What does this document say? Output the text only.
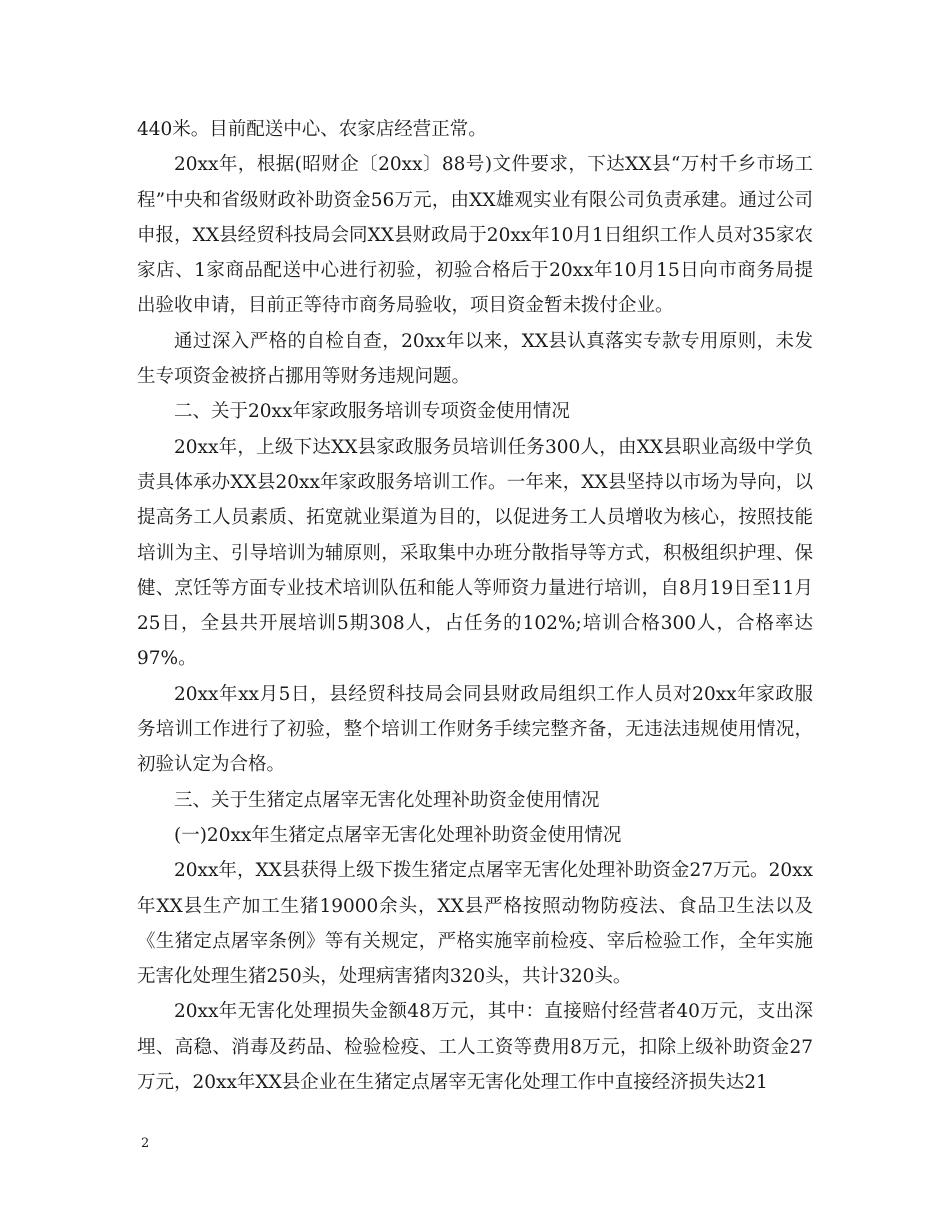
440米。目前配送中心、农家店经营正常。

20xx年，根据(昭财企〔20xx〕88号)文件要求，下达XX县“万村千乡市场工程”中央和省级财政补助资金56万元，由XX雄观实业有限公司负责承建。通过公司申报，XX县经贸科技局会同XX县财政局于20xx年10月1日组织工作人员对35家农家店、1家商品配送中心进行初验，初验合格后于20xx年10月15日向市商务局提出验收申请，目前正等待市商务局验收，项目资金暂未拨付企业。

通过深入严格的自检自查，20xx年以来，XX县认真落实专款专用原则，未发生专项资金被挤占挪用等财务违规问题。

二、关于20xx年家政服务培训专项资金使用情况

20xx年，上级下达XX县家政服务员培训任务300人，由XX县职业高级中学负责具体承办XX县20xx年家政服务培训工作。一年来，XX县坚持以市场为导向，以提高务工人员素质、拓宽就业渠道为目的，以促进务工人员增收为核心，按照技能培训为主、引导培训为辅原则，采取集中办班分散指导等方式，积极组织护理、保健、烹饪等方面专业技术培训队伍和能人等师资力量进行培训，自8月19日至11月25日，全县共开展培训5期308人，占任务的102%;培训合格300人，合格率达97%。

20xx年xx月5日，县经贸科技局会同县财政局组织工作人员对20xx年家政服务培训工作进行了初验，整个培训工作财务手续完整齐备，无违法违规使用情况，初验认定为合格。

三、关于生猪定点屠宰无害化处理补助资金使用情况

(一)20xx年生猪定点屠宰无害化处理补助资金使用情况

20xx年，XX县获得上级下拨生猪定点屠宰无害化处理补助资金27万元。20xx年XX县生产加工生猪19000余头，XX县严格按照动物防疫法、食品卫生法以及《生猪定点屠宰条例》等有关规定，严格实施宰前检疫、宰后检验工作，全年实施无害化处理生猪250头，处理病害猪肉320头，共计320头。

20xx年无害化处理损失金额48万元，其中：直接赔付经营者40万元，支出深埋、高稳、消毒及药品、检验检疫、工人工资等费用8万元，扣除上级补助资金27万元，20xx年XX县企业在生猪定点屠宰无害化处理工作中直接经济损失达21

2
